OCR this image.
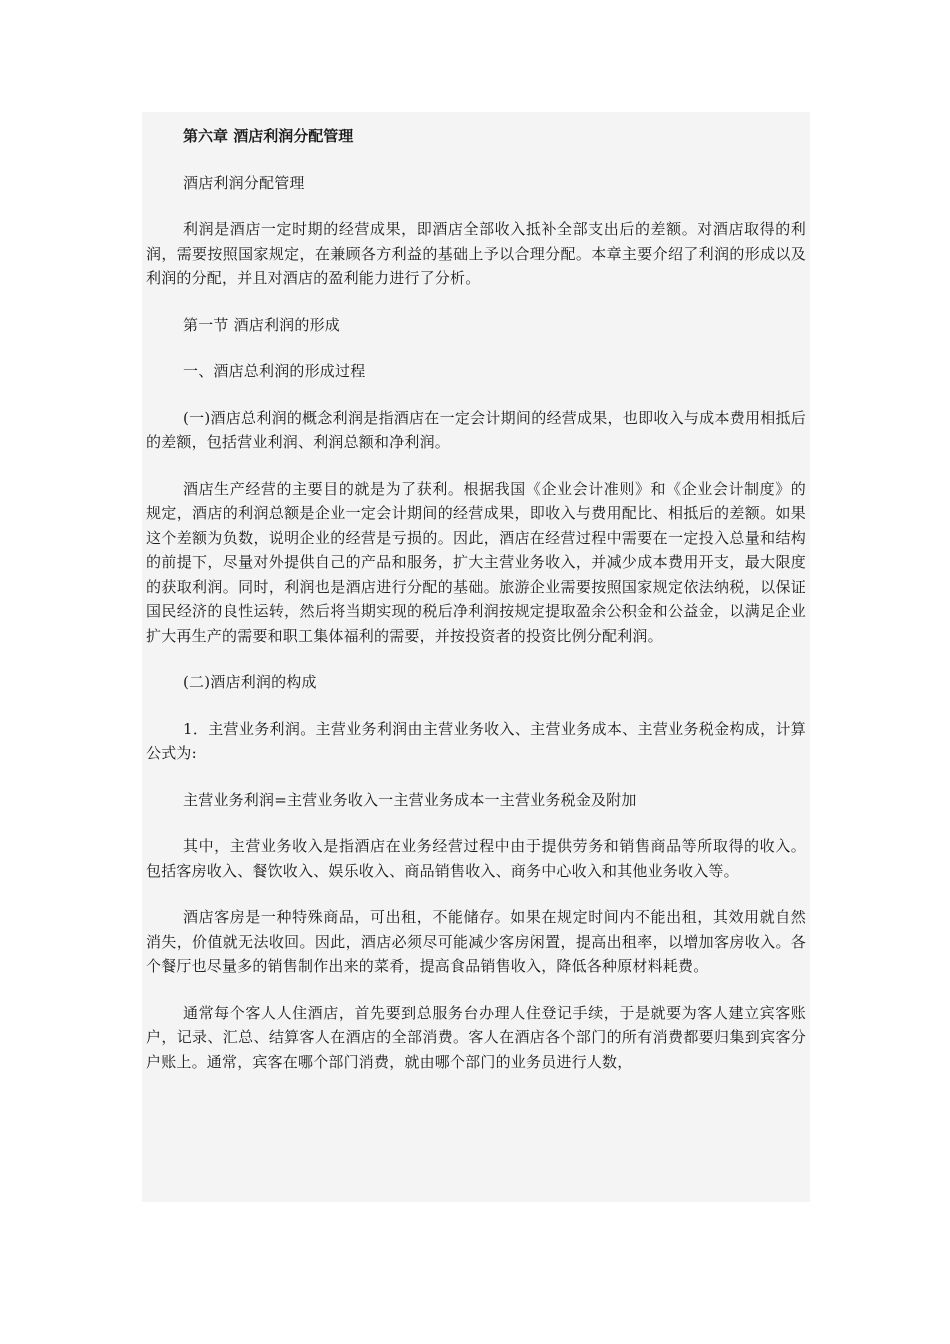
第六章 酒店利润分配管理

酒店利润分配管理

利润是酒店一定时期的经营成果，即酒店全部收入抵补全部支出后的差额。对酒店取得的利润，需要按照国家规定，在兼顾各方利益的基础上予以合理分配。本章主要介绍了利润的形成以及利润的分配，并且对酒店的盈利能力进行了分析。

第一节 酒店利润的形成

一、酒店总利润的形成过程

(一)酒店总利润的概念利润是指酒店在一定会计期间的经营成果，也即收入与成本费用相抵后的差额，包括营业利润、利润总额和净利润。

酒店生产经营的主要目的就是为了获利。根据我国《企业会计准则》和《企业会计制度》的规定，酒店的利润总额是企业一定会计期间的经营成果，即收入与费用配比、相抵后的差额。如果这个差额为负数，说明企业的经营是亏损的。因此，酒店在经营过程中需要在一定投入总量和结构的前提下，尽量对外提供自己的产品和服务，扩大主营业务收入，并减少成本费用开支，最大限度的获取利润。同时，利润也是酒店进行分配的基础。旅游企业需要按照国家规定依法纳税，以保证国民经济的良性运转，然后将当期实现的税后净利润按规定提取盈余公积金和公益金，以满足企业扩大再生产的需要和职工集体福利的需要，并按投资者的投资比例分配利润。

(二)酒店利润的构成

1．主营业务利润。主营业务利润由主营业务收入、主营业务成本、主营业务税金构成，计算公式为:

主营业务利润=主营业务收入一主营业务成本一主营业务税金及附加

其中，主营业务收入是指酒店在业务经营过程中由于提供劳务和销售商品等所取得的收入。包括客房收入、餐饮收入、娱乐收入、商品销售收入、商务中心收入和其他业务收入等。

酒店客房是一种特殊商品，可出租，不能储存。如果在规定时间内不能出租，其效用就自然消失，价值就无法收回。因此，酒店必须尽可能减少客房闲置，提高出租率，以增加客房收入。各个餐厅也尽量多的销售制作出来的菜肴，提高食品销售收入，降低各种原材料耗费。

通常每个客人人住酒店，首先要到总服务台办理人住登记手续，于是就要为客人建立宾客账户，记录、汇总、结算客人在酒店的全部消费。客人在酒店各个部门的所有消费都要归集到宾客分户账上。通常，宾客在哪个部门消费，就由哪个部门的业务员进行人数，
